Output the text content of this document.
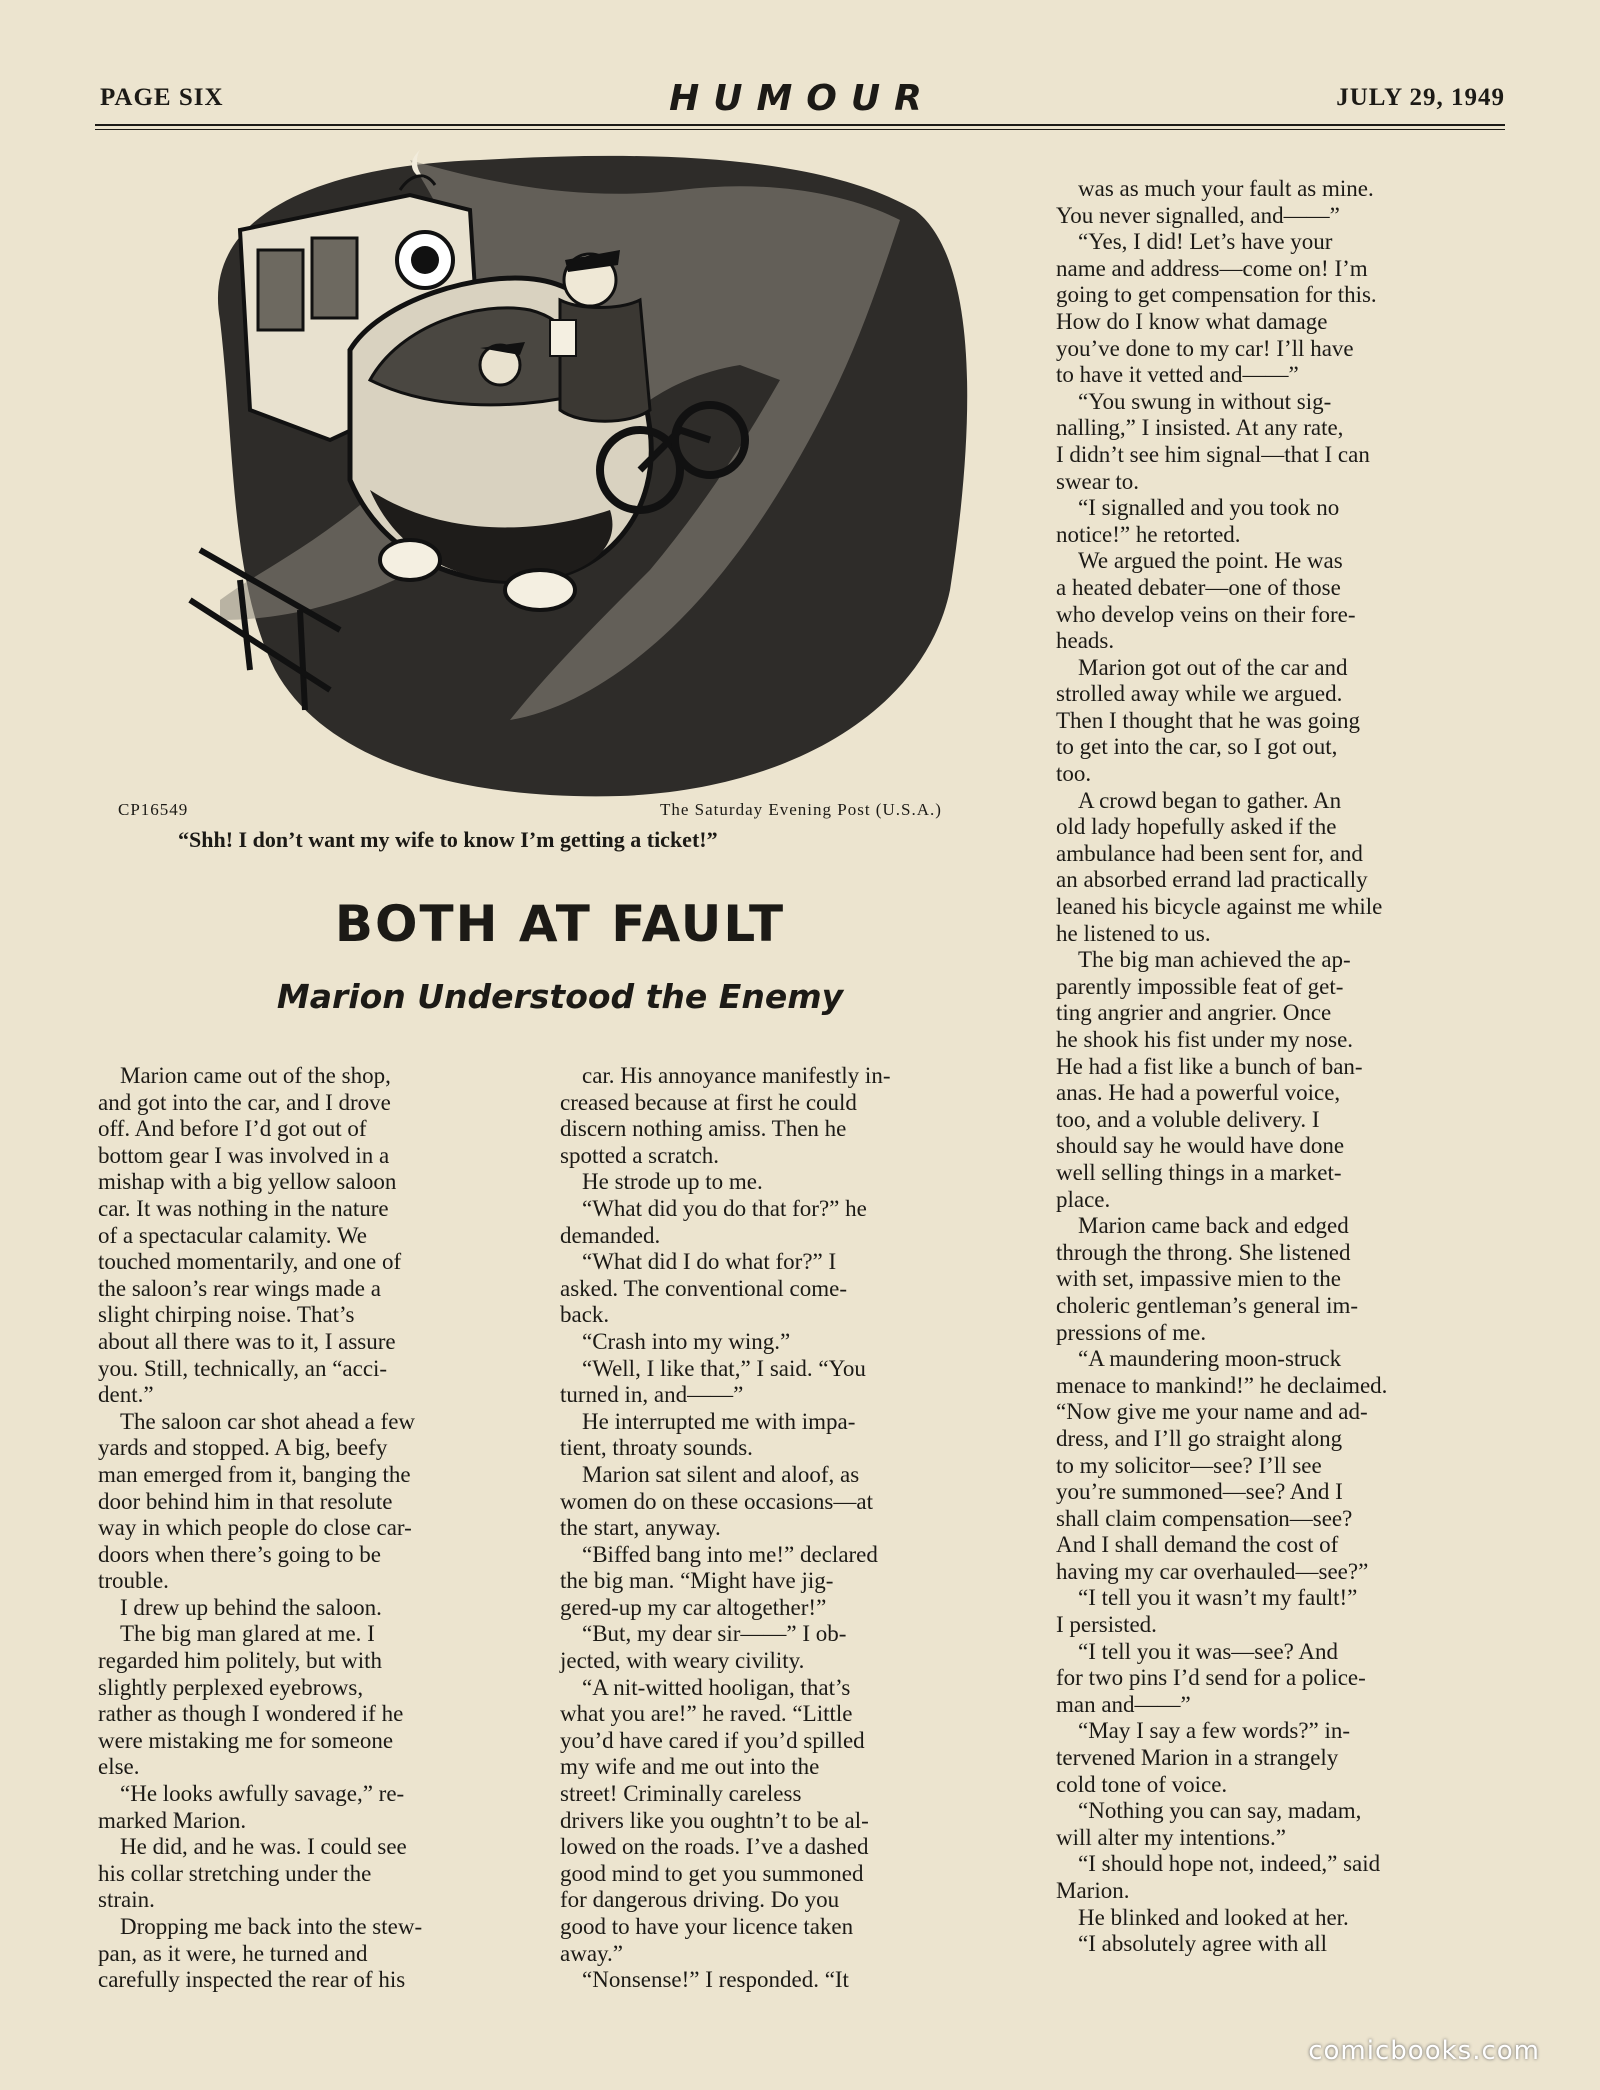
PAGE SIX	HUMOUR	JULY 29, 1949
CP16549	The Saturday Evening Post (U.S.A.)
“Shh! I don’t want my wife to know I’m getting a ticket!”
BOTH AT FAULT
Marion Understood the Enemy

Marion came out of the shop,
and got into the car, and I drove
off. And before I’d got out of
bottom gear I was involved in a
mishap with a big yellow saloon
car. It was nothing in the nature
of a spectacular calamity. We
touched momentarily, and one of
the saloon’s rear wings made a
slight chirping noise. That’s
about all there was to it, I assure
you. Still, technically, an “acci-
dent.”

The saloon car shot ahead a few
yards and stopped. A big, beefy
man emerged from it, banging the
door behind him in that resolute
way in which people do close car-
doors when there’s going to be
trouble.

I drew up behind the saloon.

The big man glared at me. I
regarded him politely, but with
slightly perplexed eyebrows,
rather as though I wondered if he
were mistaking me for someone
else.

“He looks awfully savage,” re-
marked Marion.

He did, and he was. I could see
his collar stretching under the
strain.

Dropping me back into the stew-
pan, as it were, he turned and
carefully inspected the rear of his

car. His annoyance manifestly in-
creased because at first he could
discern nothing amiss. Then he
spotted a scratch.

He strode up to me.

“What did you do that for?” he
demanded.

“What did I do what for?” I
asked. The conventional come-
back.

“Crash into my wing.”

“Well, I like that,” I said. “You
turned in, and——”

He interrupted me with impa-
tient, throaty sounds.

Marion sat silent and aloof, as
women do on these occasions—at
the start, anyway.

“Biffed bang into me!” declared
the big man. “Might have jig-
gered-up my car altogether!”

“But, my dear sir——” I ob-
jected, with weary civility.

“A nit-witted hooligan, that’s
what you are!” he raved. “Little
you’d have cared if you’d spilled
my wife and me out into the
street! Criminally careless
drivers like you oughtn’t to be al-
lowed on the roads. I’ve a dashed
good mind to get you summoned
for dangerous driving. Do you
good to have your licence taken
away.”

“Nonsense!” I responded. “It

was as much your fault as mine.
You never signalled, and——”

“Yes, I did! Let’s have your
name and address—come on! I’m
going to get compensation for this.
How do I know what damage
you’ve done to my car! I’ll have
to have it vetted and——”

“You swung in without sig-
nalling,” I insisted. At any rate,
I didn’t see him signal—that I can
swear to.

“I signalled and you took no
notice!” he retorted.

We argued the point. He was
a heated debater—one of those
who develop veins on their fore-
heads.

Marion got out of the car and
strolled away while we argued.
Then I thought that he was going
to get into the car, so I got out,
too.

A crowd began to gather. An
old lady hopefully asked if the
ambulance had been sent for, and
an absorbed errand lad practically
leaned his bicycle against me while
he listened to us.

The big man achieved the ap-
parently impossible feat of get-
ting angrier and angrier. Once
he shook his fist under my nose.
He had a fist like a bunch of ban-
anas. He had a powerful voice,
too, and a voluble delivery. I
should say he would have done
well selling things in a market-
place.

Marion came back and edged
through the throng. She listened
with set, impassive mien to the
choleric gentleman’s general im-
pressions of me.

“A maundering moon-struck
menace to mankind!” he declaimed.
“Now give me your name and ad-
dress, and I’ll go straight along
to my solicitor—see? I’ll see
you’re summoned—see? And I
shall claim compensation—see?
And I shall demand the cost of
having my car overhauled—see?”

“I tell you it wasn’t my fault!”
I persisted.

“I tell you it was—see? And
for two pins I’d send for a police-
man and——”

“May I say a few words?” in-
tervened Marion in a strangely
cold tone of voice.

“Nothing you can say, madam,
will alter my intentions.”

“I should hope not, indeed,” said
Marion.

He blinked and looked at her.

“I absolutely agree with all

comicbooks.com
